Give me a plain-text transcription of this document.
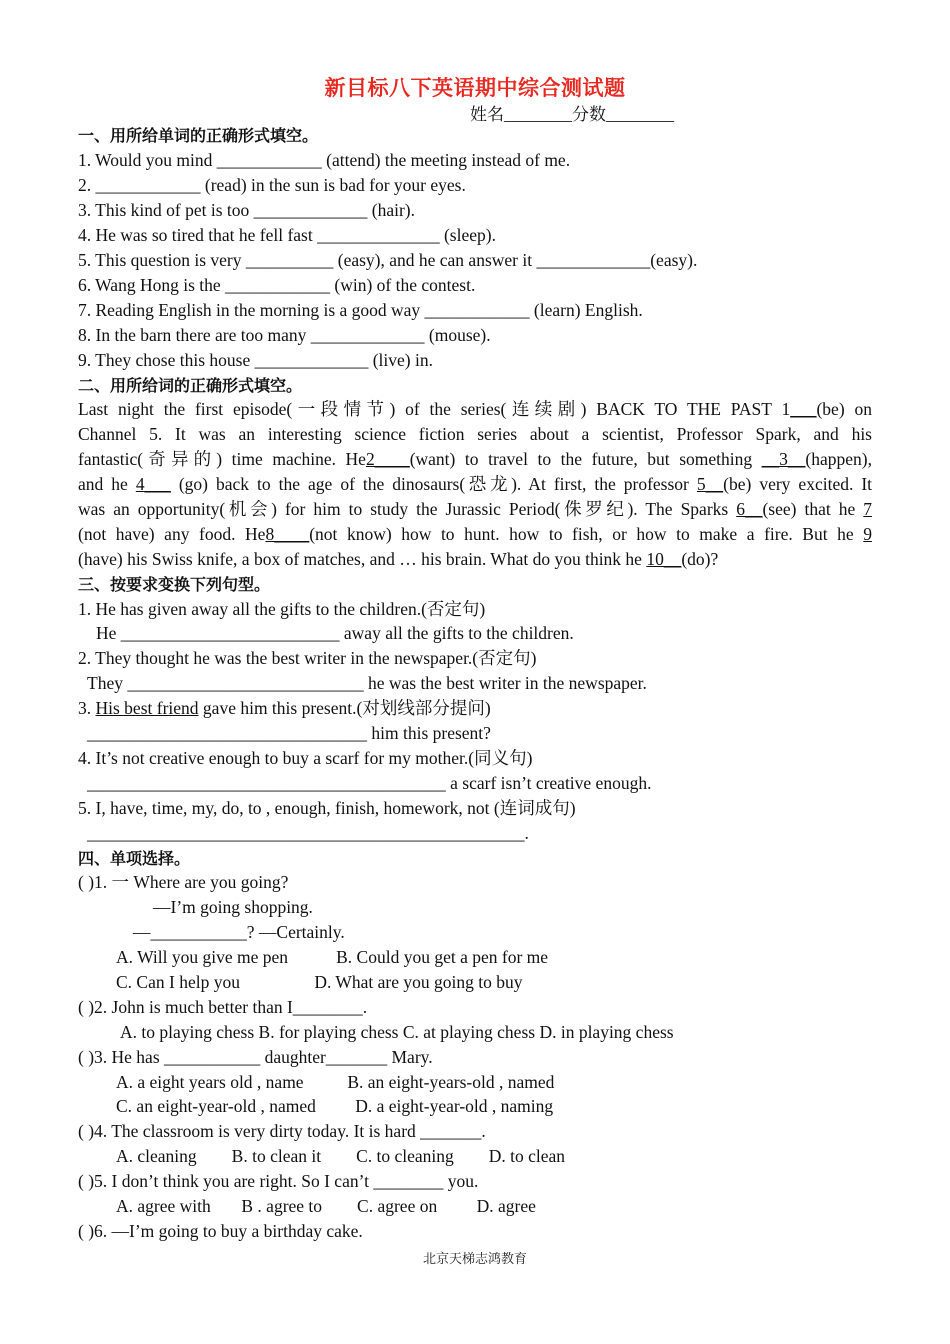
新目标八下英语期中综合测试题
姓名________分数________
一、用所给单词的正确形式填空。
1. Would you mind ____________ (attend) the meeting instead of me.
2. ____________ (read) in the sun is bad for your eyes.
3. This kind of pet is too _____________ (hair).
4. He was so tired that he fell fast ______________ (sleep).
5. This question is very __________ (easy), and he can answer it _____________(easy).
6. Wang Hong is the ____________ (win) of the contest.
7. Reading English in the morning is a good way ____________ (learn) English.
8. In the barn there are too many _____________ (mouse).
9. They chose this house _____________ (live) in.
二、用所给词的正确形式填空。
Last night the first episode(一段情节) of the series(连续剧) BACK TO THE PAST 1___(be) on
Channel 5. It was an interesting science fiction series about a scientist, Professor Spark, and his
fantastic(奇异的) time machine. He2____(want) to travel to the future, but something __3__(happen),
and he 4___ (go) back to the age of the dinosaurs(恐龙). At first, the professor 5__(be) very excited. It
was an opportunity(机会) for him to study the Jurassic Period(侏罗纪). The Sparks 6__(see) that he 7
(not have) any food. He8____(not know) how to hunt. how to fish, or how to make a fire. But he 9
(have) his Swiss knife, a box of matches, and … his brain. What do you think he 10__(do)?
三、按要求变换下列句型。
1. He has given away all the gifts to the children.(否定句)
He _________________________ away all the gifts to the children.
2. They thought he was the best writer in the newspaper.(否定句)
They ___________________________ he was the best writer in the newspaper.
3. His best friend gave him this present.(对划线部分提问)
________________________________ him this present?
4. It’s not creative enough to buy a scarf for my mother.(同义句)
_________________________________________ a scarf isn’t creative enough.
5. I, have, time, my, do, to , enough, finish, homework, not (连词成句)
__________________________________________________.
四、单项选择。
( )1. 一 Where are you going?
—I’m going shopping.
—___________? —Certainly.
A. Will you give me pen           B. Could you get a pen for me
C. Can I help you                 D. What are you going to buy
( )2. John is much better than I________.
A. to playing chess B. for playing chess C. at playing chess D. in playing chess
( )3. He has ___________ daughter_______ Mary.
A. a eight years old , name          B. an eight-years-old , named
C. an eight-year-old , named         D. a eight-year-old , naming
( )4. The classroom is very dirty today. It is hard _______.
A. cleaning        B. to clean it        C. to cleaning        D. to clean
( )5. I don’t think you are right. So I can’t ________ you.
A. agree with       B . agree to        C. agree on         D. agree
( )6. —I’m going to buy a birthday cake.
北京天梯志鸿教育
